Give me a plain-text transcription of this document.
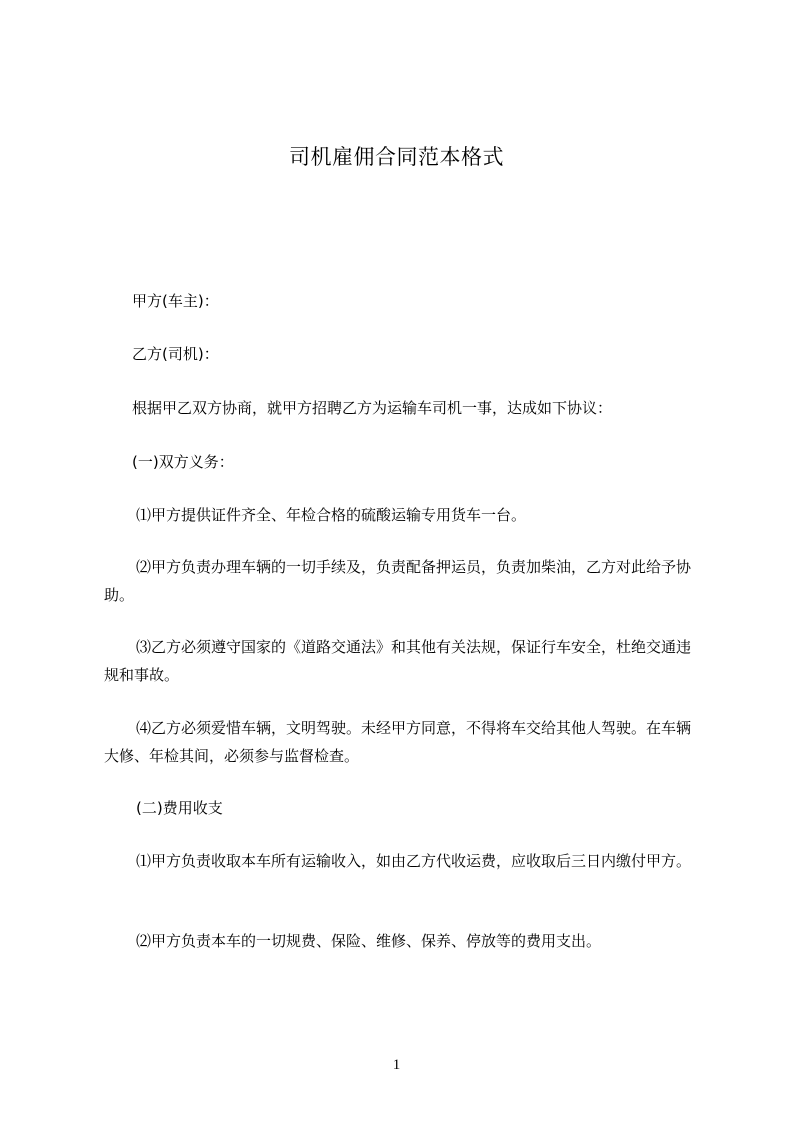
司机雇佣合同范本格式

甲方(车主)：

乙方(司机)：

根据甲乙双方协商，就甲方招聘乙方为运输车司机一事，达成如下协议：

(一)双方义务：

⑴甲方提供证件齐全、年检合格的硫酸运输专用货车一台。

⑵甲方负责办理车辆的一切手续及，负责配备押运员，负责加柴油，乙方对此给予协助。

⑶乙方必须遵守国家的《道路交通法》和其他有关法规，保证行车安全，杜绝交通违规和事故。

⑷乙方必须爱惜车辆，文明驾驶。未经甲方同意，不得将车交给其他人驾驶。在车辆大修、年检其间，必须参与监督检查。

(二)费用收支

⑴甲方负责收取本车所有运输收入，如由乙方代收运费，应收取后三日内缴付甲方。

⑵甲方负责本车的一切规费、保险、维修、保养、停放等的费用支出。

1
